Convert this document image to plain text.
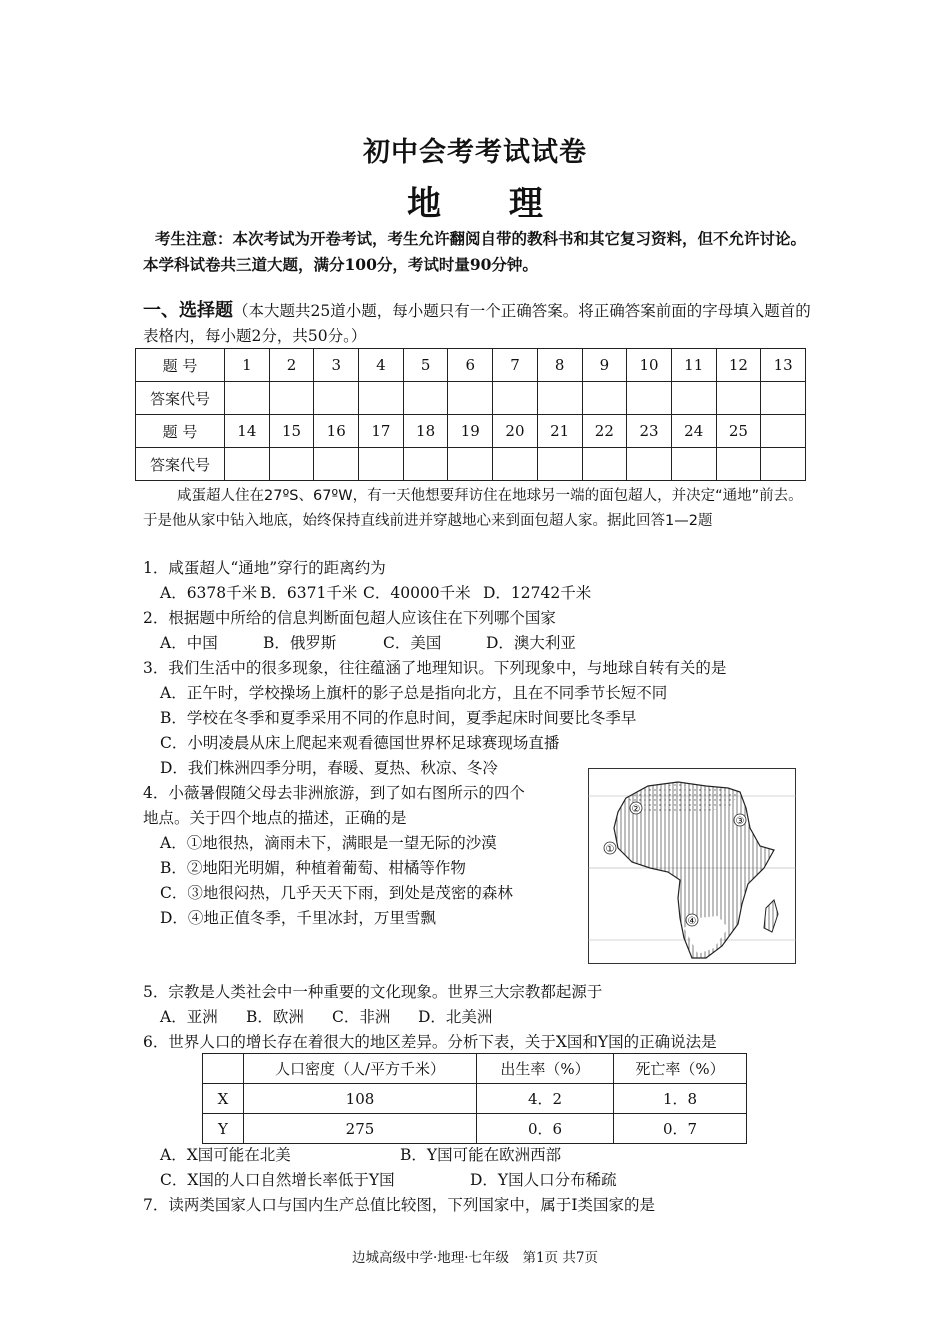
初中会考考试试卷
地 理
考生注意：本次考试为开卷考试，考生允许翻阅自带的教科书和其它复习资料，但不允许讨论。本学科试卷共三道大题，满分100分，考试时量90分钟。
一、选择题（本大题共25道小题，每小题只有一个正确答案。将正确答案前面的字母填入题首的表格内，每小题2分，共50分。）
题 号	1	2	3	4	5	6	7	8	9	10	11	12	13
答案代号													
题 号	14	15	16	17	18	19	20	21	22	23	24	25	
答案代号													
咸蛋超人住在27ºS、67ºW，有一天他想要拜访住在地球另一端的面包超人，并决定“通地”前去。于是他从家中钻入地底，始终保持直线前进并穿越地心来到面包超人家。据此回答1—2题
1．咸蛋超人“通地”穿行的距离约为
A．6378千米 B．6371千米 C．40000千米 D．12742千米
2．根据题中所给的信息判断面包超人应该住在下列哪个国家
A．中国	B．俄罗斯	C．美国	D．澳大利亚
3．我们生活中的很多现象，往往蕴涵了地理知识。下列现象中，与地球自转有关的是
A．正午时，学校操场上旗杆的影子总是指向北方，且在不同季节长短不同
B．学校在冬季和夏季采用不同的作息时间，夏季起床时间要比冬季早
C．小明凌晨从床上爬起来观看德国世界杯足球赛现场直播
D．我们株洲四季分明，春暖、夏热、秋凉、冬冷
4．小薇暑假随父母去非洲旅游，到了如右图所示的四个
地点。关于四个地点的描述，正确的是
A．①地很热，滴雨未下，满眼是一望无际的沙漠
B．②地阳光明媚，种植着葡萄、柑橘等作物
C．③地很闷热，几乎天天下雨，到处是茂密的森林
D．④地正值冬季，千里冰封，万里雪飘
①
②
③
④
5．宗教是人类社会中一种重要的文化现象。世界三大宗教都起源于
A．亚洲 B．欧洲 C．非洲 D．北美洲
6．世界人口的增长存在着很大的地区差异。分析下表，关于X国和Y国的正确说法是
	人口密度（人/平方千米）	出生率（%）	死亡率（%）
X	108	4．2	1．8
Y	275	0．6	0．7
A．X国可能在北美	B．Y国可能在欧洲西部
C．X国的人口自然增长率低于Y国	D．Y国人口分布稀疏
7．读两类国家人口与国内生产总值比较图，下列国家中，属于Ⅰ类国家的是
边城高级中学·地理·七年级　第1页 共7页
